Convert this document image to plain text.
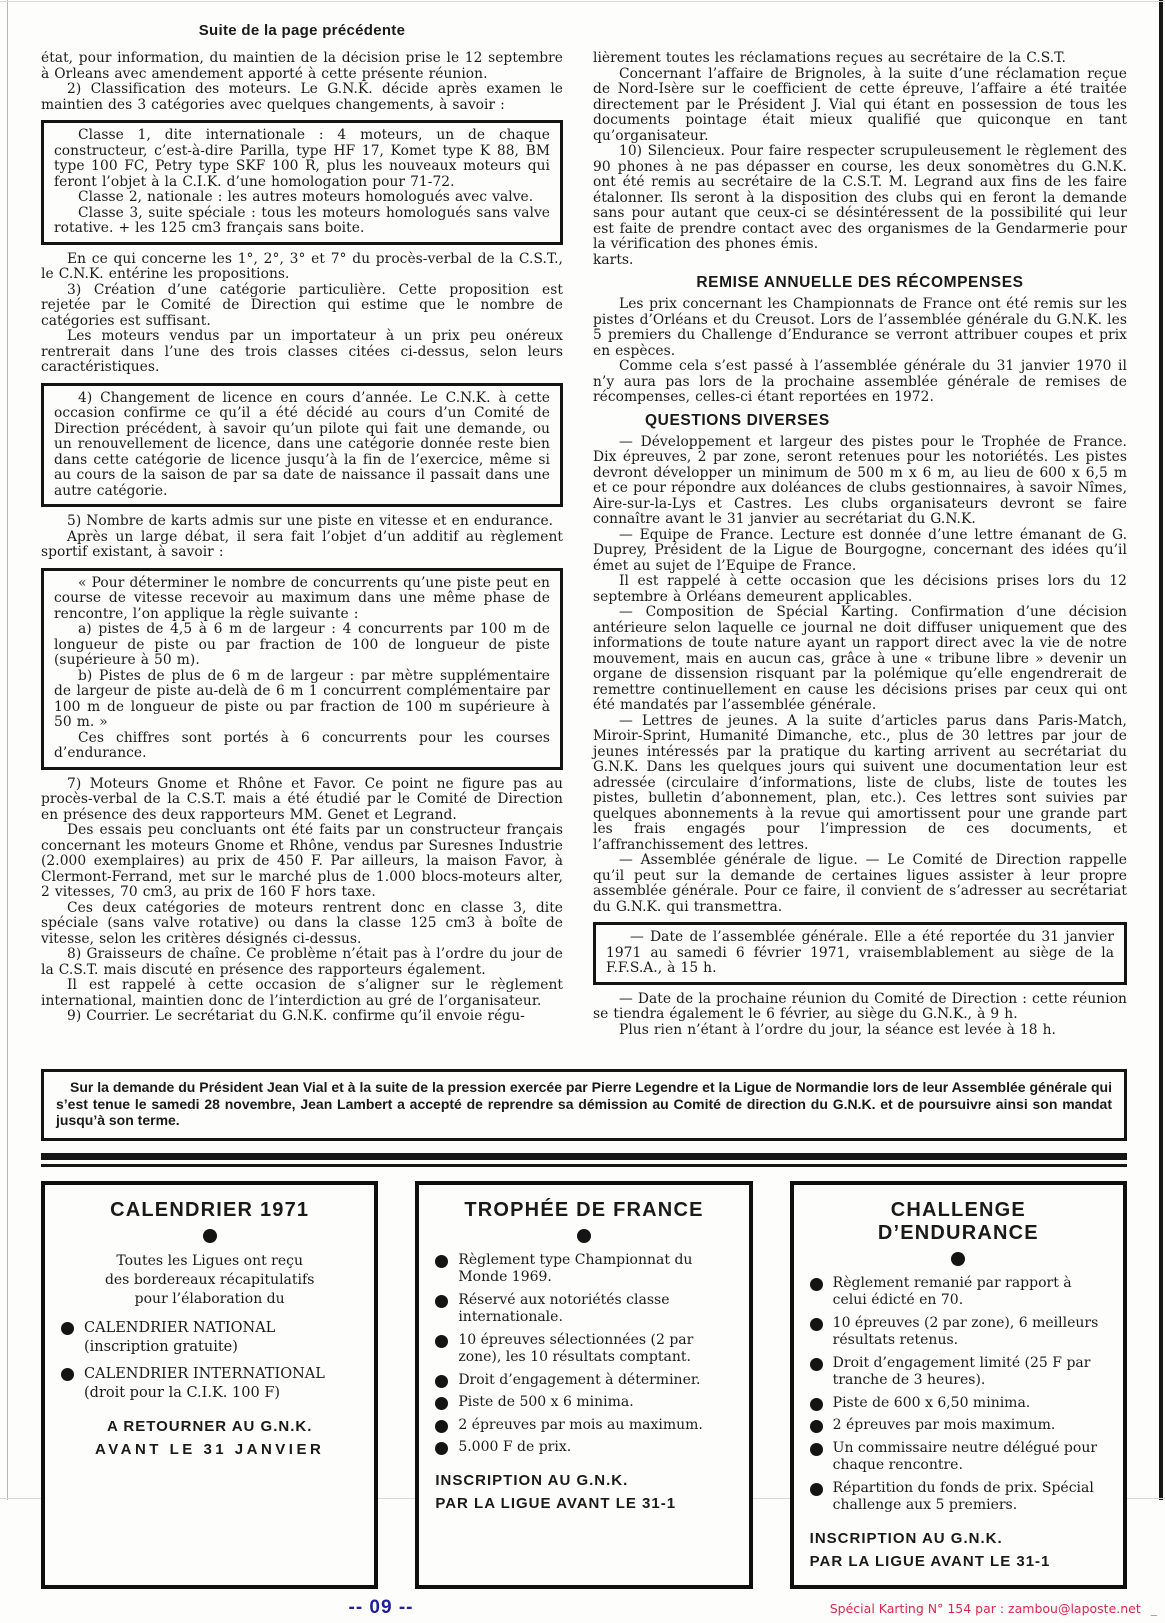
Suite de la page précédente

état, pour information, du maintien de la décision prise le 12 septembre à Orleans avec amendement apporté à cette présente réunion.

2) Classification des moteurs. Le G.N.K. décide après examen le maintien des 3 catégories avec quelques changements, à savoir :

Classe 1, dite internationale : 4 moteurs, un de chaque constructeur, c’est-à-dire Parilla, type HF 17, Komet type K 88, BM type 100 FC, Petry type SKF 100 R, plus les nouveaux moteurs qui feront l’objet à la C.I.K. d’une homologation pour 71-72.

Classe 2, nationale : les autres moteurs homologués avec valve.

Classe 3, suite spéciale : tous les moteurs homologués sans valve rotative. + les 125 cm3 français sans boite.

En ce qui concerne les 1°, 2°, 3° et 7° du procès-verbal de la C.S.T., le C.N.K. entérine les propositions.

3) Création d’une catégorie particulière. Cette proposition est rejetée par le Comité de Direction qui estime que le nombre de catégories est suffisant.

Les moteurs vendus par un importateur à un prix peu onéreux rentrerait dans l’une des trois classes citées ci-dessus, selon leurs caractéristiques.

4) Changement de licence en cours d’année. Le C.N.K. à cette occasion confirme ce qu’il a été décidé au cours d’un Comité de Direction précédent, à savoir qu’un pilote qui fait une demande, ou un renouvellement de licence, dans une catégorie donnée reste bien dans cette catégorie de licence jusqu’à la fin de l’exercice, même si au cours de la saison de par sa date de naissance il passait dans une autre catégorie.

5) Nombre de karts admis sur une piste en vitesse et en endurance.

Après un large débat, il sera fait l’objet d’un additif au règlement sportif existant, à savoir :

« Pour déterminer le nombre de concurrents qu’une piste peut en course de vitesse recevoir au maximum dans une même phase de rencontre, l’on applique la règle suivante :

a) pistes de 4,5 à 6 m de largeur : 4 concurrents par 100 m de longueur de piste ou par fraction de 100 de longueur de piste (supérieure à 50 m).

b) Pistes de plus de 6 m de largeur : par mètre supplémentaire de largeur de piste au-delà de 6 m 1 concurrent complémentaire par 100 m de longueur de piste ou par fraction de 100 m supérieure à 50 m. »

Ces chiffres sont portés à 6 concurrents pour les courses d’endurance.

7) Moteurs Gnome et Rhône et Favor. Ce point ne figure pas au procès-verbal de la C.S.T. mais a été étudié par le Comité de Direction en présence des deux rapporteurs MM. Genet et Legrand.

Des essais peu concluants ont été faits par un constructeur français concernant les moteurs Gnome et Rhône, vendus par Suresnes Industrie (2.000 exemplaires) au prix de 450 F. Par ailleurs, la maison Favor, à Clermont-Ferrand, met sur le marché plus de 1.000 blocs-moteurs alter, 2 vitesses, 70 cm3, au prix de 160 F hors taxe.

Ces deux catégories de moteurs rentrent donc en classe 3, dite spéciale (sans valve rotative) ou dans la classe 125 cm3 à boîte de vitesse, selon les critères désignés ci-dessus.

8) Graisseurs de chaîne. Ce problème n’était pas à l’ordre du jour de la C.S.T. mais discuté en présence des rapporteurs également.

Il est rappelé à cette occasion de s’aligner sur le règlement international, maintien donc de l’interdiction au gré de l’organisateur.

9) Courrier. Le secrétariat du G.N.K. confirme qu’il envoie régu-

lièrement toutes les réclamations reçues au secrétaire de la C.S.T.

Concernant l’affaire de Brignoles, à la suite d’une réclamation reçue de Nord-Isère sur le coefficient de cette épreuve, l’affaire a été traitée directement par le Président J. Vial qui étant en possession de tous les documents pointage était mieux qualifié que quiconque en tant qu’organisateur.

10) Silencieux. Pour faire respecter scrupuleusement le règlement des 90 phones à ne pas dépasser en course, les deux sonomètres du G.N.K. ont été remis au secrétaire de la C.S.T. M. Legrand aux fins de les faire étalonner. Ils seront à la disposition des clubs qui en feront la demande sans pour autant que ceux-ci se désintéressent de la possibilité qui leur est faite de prendre contact avec des organismes de la Gendarmerie pour la vérification des phones émis.

karts.

REMISE ANNUELLE DES RÉCOMPENSES

Les prix concernant les Championnats de France ont été remis sur les pistes d’Orléans et du Creusot. Lors de l’assemblée générale du G.N.K. les 5 premiers du Challenge d’Endurance se verront attribuer coupes et prix en espèces.

Comme cela s’est passé à l’assemblée générale du 31 janvier 1970 il n’y aura pas lors de la prochaine assemblée générale de remises de récompenses, celles-ci étant reportées en 1972.

QUESTIONS DIVERSES

— Développement et largeur des pistes pour le Trophée de France. Dix épreuves, 2 par zone, seront retenues pour les notoriétés. Les pistes devront développer un minimum de 500 m x 6 m, au lieu de 600 x 6,5 m et ce pour répondre aux doléances de clubs gestionnaires, à savoir Nîmes, Aire-sur-la-Lys et Castres. Les clubs organisateurs devront se faire connaître avant le 31 janvier au secrétariat du G.N.K.

— Equipe de France. Lecture est donnée d’une lettre émanant de G. Duprey, Président de la Ligue de Bourgogne, concernant des idées qu’il émet au sujet de l’Equipe de France.

Il est rappelé à cette occasion que les décisions prises lors du 12 septembre à Orléans demeurent applicables.

— Composition de Spécial Karting. Confirmation d’une décision antérieure selon laquelle ce journal ne doit diffuser uniquement que des informations de toute nature ayant un rapport direct avec la vie de notre mouvement, mais en aucun cas, grâce à une « tribune libre » devenir un organe de dissension risquant par la polémique qu’elle engendrerait de remettre continuellement en cause les décisions prises par ceux qui ont été mandatés par l’assemblée générale.

— Lettres de jeunes. A la suite d’articles parus dans Paris-Match, Miroir-Sprint, Humanité Dimanche, etc., plus de 30 lettres par jour de jeunes intéressés par la pratique du karting arrivent au secrétariat du G.N.K. Dans les quelques jours qui suivent une documentation leur est adressée (circulaire d’informations, liste de clubs, liste de toutes les pistes, bulletin d’abonnement, plan, etc.). Ces lettres sont suivies par quelques abonnements à la revue qui amortissent pour une grande part les frais engagés pour l’impression de ces documents, et l’affranchissement des lettres.

— Assemblée générale de ligue. — Le Comité de Direction rappelle qu’il peut sur la demande de certaines ligues assister à leur propre assemblée générale. Pour ce faire, il convient de s’adresser au secrétariat du G.N.K. qui transmettra.

— Date de l’assemblée générale. Elle a été reportée du 31 janvier 1971 au samedi 6 février 1971, vraisemblablement au siège de la F.F.S.A., à 15 h.

— Date de la prochaine réunion du Comité de Direction : cette réunion se tiendra également le 6 février, au siège du G.N.K., à 9 h.

Plus rien n’étant à l’ordre du jour, la séance est levée à 18 h.

Sur la demande du Président Jean Vial et à la suite de la pression exercée par Pierre Legendre et la Ligue de Normandie lors de leur Assemblée générale qui s’est tenue le samedi 28 novembre, Jean Lambert a accepté de reprendre sa démission au Comité de direction du G.N.K. et de poursuivre ainsi son mandat jusqu’à son terme.

CALENDRIER 1971

Toutes les Ligues ont reçu

des bordereaux récapitulatifs

pour l’élaboration du

CALENDRIER NATIONAL
(inscription gratuite)
CALENDRIER INTERNATIONAL
(droit pour la C.I.K. 100 F)
A RETOURNER AU G.N.K.
AVANT LE 31 JANVIER
TROPHÉE DE FRANCE
Règlement type Championnat du Monde 1969.
Réservé aux notoriétés classe internationale.
10 épreuves sélectionnées (2 par zone), les 10 résultats comptant.
Droit d’engagement à déterminer.
Piste de 500 x 6 minima.
2 épreuves par mois au maximum.
5.000 F de prix.
INSCRIPTION AU G.N.K.
PAR LA LIGUE AVANT LE 31-1
CHALLENGE D’ENDURANCE
Règlement remanié par rapport à celui édicté en 70.
10 épreuves (2 par zone), 6 meilleurs résultats retenus.
Droit d’engagement limité (25 F par tranche de 3 heures).
Piste de 600 x 6,50 minima.
2 épreuves par mois maximum.
Un commissaire neutre délégué pour chaque rencontre.
Répartition du fonds de prix. Spécial challenge aux 5 premiers.
INSCRIPTION AU G.N.K.
PAR LA LIGUE AVANT LE 31-1
-- 09 --	Spécial Karting N° 154 par : zambou@laposte.net _
